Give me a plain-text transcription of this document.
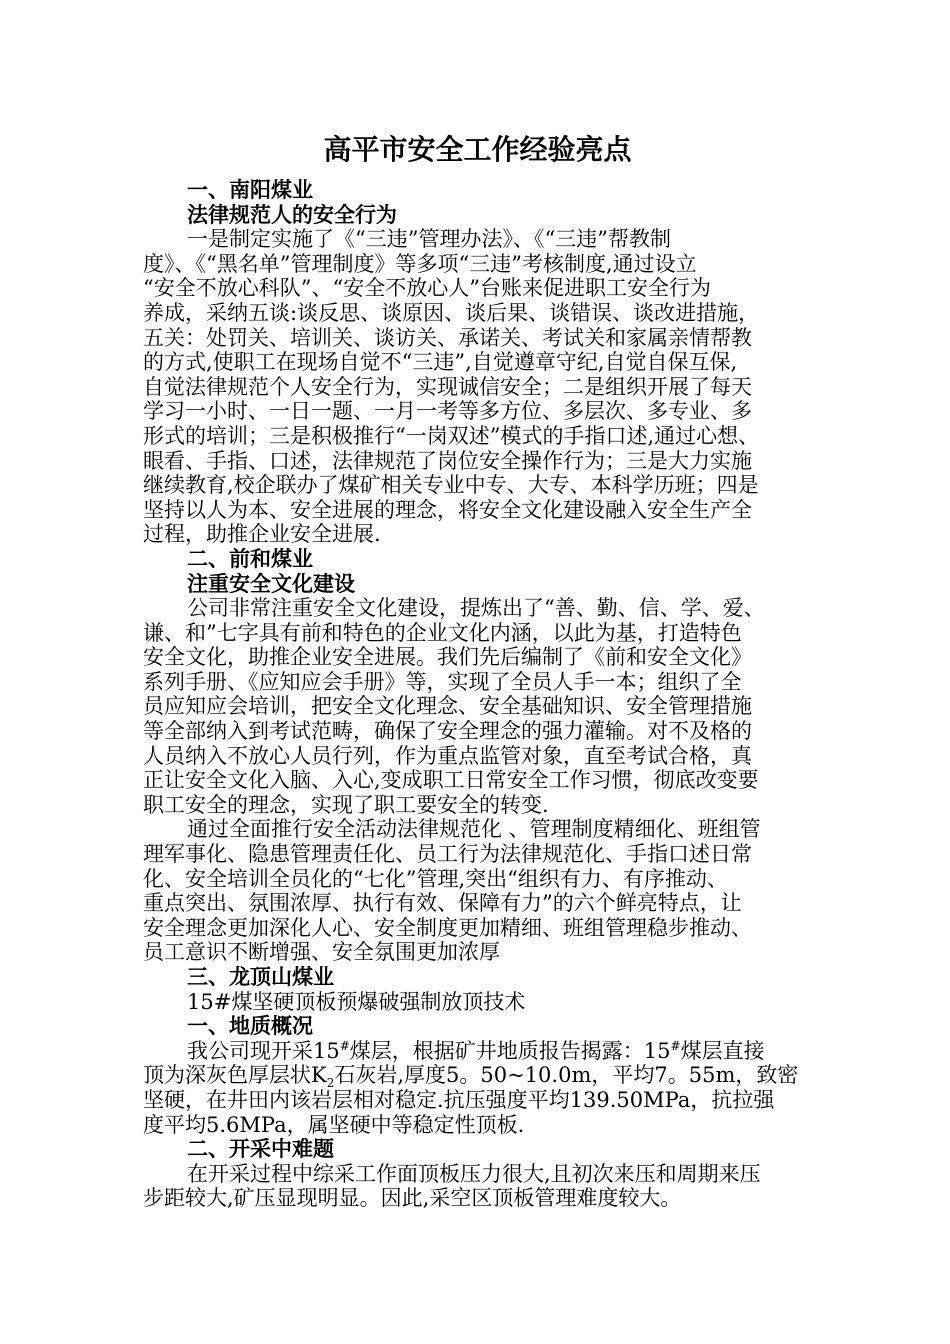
高平市安全工作经验亮点

一、南阳煤业

法律规范人的安全行为

一是制定实施了《“三违”管理办法》、《“三违”帮教制

度》、《“黑名单”管理制度》等多项“三违”考核制度,通过设立

“安全不放心科队”、“安全不放心人”台账来促进职工安全行为

养成，采纳五谈:谈反思、谈原因、谈后果、谈错误、谈改进措施，

五关：处罚关、培训关、谈访关、承诺关、考试关和家属亲情帮教

的方式,使职工在现场自觉不“三违”,自觉遵章守纪,自觉自保互保,

自觉法律规范个人安全行为，实现诚信安全；二是组织开展了每天

学习一小时、一日一题、一月一考等多方位、多层次、多专业、多

形式的培训；三是积极推行“一岗双述”模式的手指口述,通过心想、

眼看、手指、口述，法律规范了岗位安全操作行为；三是大力实施

继续教育,校企联办了煤矿相关专业中专、大专、本科学历班；四是

坚持以人为本、安全进展的理念，将安全文化建设融入安全生产全

过程，助推企业安全进展.

二、前和煤业

注重安全文化建设

公司非常注重安全文化建设，提炼出了“善、勤、信、学、爱、

谦、和”七字具有前和特色的企业文化内涵，以此为基，打造特色

安全文化，助推企业安全进展。我们先后编制了《前和安全文化》

系列手册、《应知应会手册》等，实现了全员人手一本；组织了全

员应知应会培训，把安全文化理念、安全基础知识、安全管理措施

等全部纳入到考试范畴，确保了安全理念的强力灌输。对不及格的

人员纳入不放心人员行列，作为重点监管对象，直至考试合格，真

正让安全文化入脑、入心,变成职工日常安全工作习惯，彻底改变要

职工安全的理念，实现了职工要安全的转变.

通过全面推行安全活动法律规范化 、管理制度精细化、班组管

理军事化、隐患管理责任化、员工行为法律规范化、手指口述日常

化、安全培训全员化的“七化”管理,突出“组织有力、有序推动、

重点突出、氛围浓厚、执行有效、保障有力”的六个鲜亮特点，让

安全理念更加深化人心、安全制度更加精细、班组管理稳步推动、

员工意识不断增强、安全氛围更加浓厚

三、龙顶山煤业

15#煤坚硬顶板预爆破强制放顶技术

一、地质概况

我公司现开采15#煤层，根据矿井地质报告揭露：15#煤层直接

顶为深灰色厚层状$K_2$石灰岩,厚度5。50~10.0m，平均7。55m，致密

坚硬，在井田内该岩层相对稳定.抗压强度平均139.50MPa，抗拉强

度平均5.6MPa，属坚硬中等稳定性顶板.

二、开采中难题

在开采过程中综采工作面顶板压力很大,且初次来压和周期来压

步距较大,矿压显现明显。因此,采空区顶板管理难度较大。
